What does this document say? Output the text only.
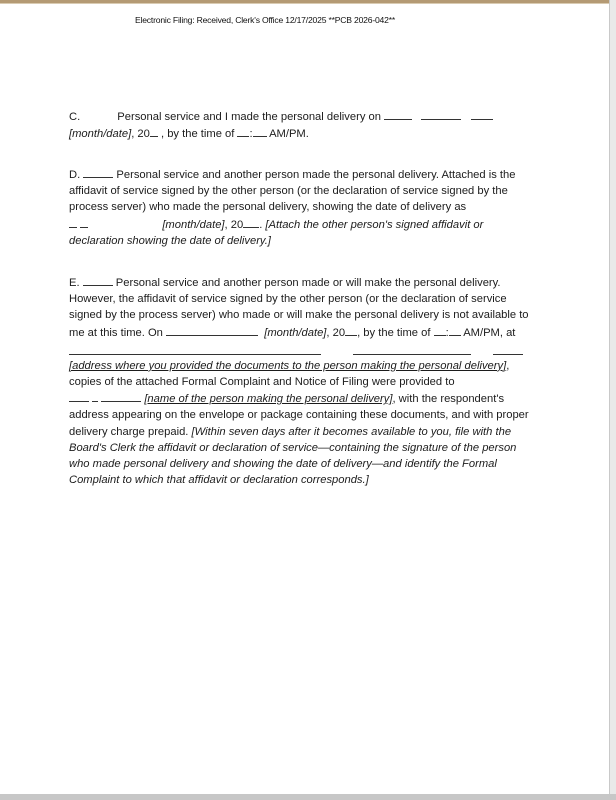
Electronic Filing: Received, Clerk's Office 12/17/2025 **PCB 2026-042**
C.	Personal service and I made the personal delivery on
[month/date], 20 , by the time of : AM/PM.
D.	Personal service and another person made the personal delivery. Attached is the affidavit of service signed by the other person (or the declaration of service signed by the process server) who made the personal delivery, showing the date of delivery as
[month/date], 20 . [Attach the other person's signed affidavit or declaration showing the date of delivery.]
E.	Personal service and another person made or will make the personal delivery. However, the affidavit of service signed by the other person (or the declaration of service signed by the process server) who made or will make the personal delivery is not available to me at this time. On	[month/date], 20 , by the time of : AM/PM, at
[address where you provided the documents to the person making the personal delivery], copies of the attached Formal Complaint and Notice of Filing were provided to
[name of the person making the personal delivery], with the respondent's address appearing on the envelope or package containing these documents, and with proper delivery charge prepaid. [Within seven days after it becomes available to you, file with the Board's Clerk the affidavit or declaration of service—containing the signature of the person who made personal delivery and showing the date of delivery—and identify the Formal Complaint to which that affidavit or declaration corresponds.]
